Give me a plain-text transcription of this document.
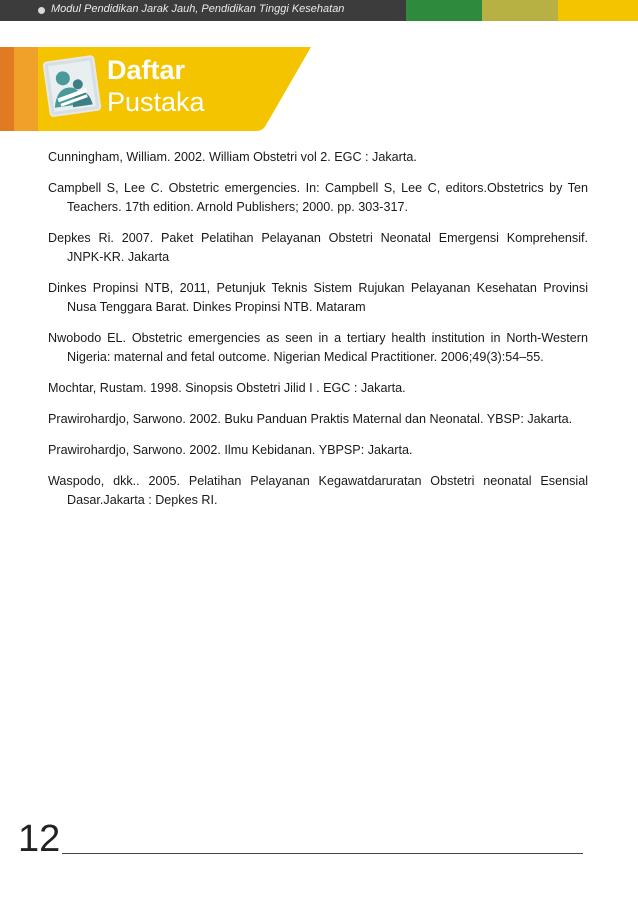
Modul Pendidikan Jarak Jauh, Pendidikan Tinggi Kesehatan
Daftar
Pustaka

Cunningham, William. 2002. William Obstetri vol 2. EGC : Jakarta.

Campbell S, Lee C. Obstetric emergencies. In: Campbell S, Lee C, editors.Obstetrics by Ten Teachers. 17th edition. Arnold Publishers; 2000. pp. 303-317.

Depkes Ri. 2007. Paket Pelatihan Pelayanan Obstetri Neonatal Emergensi Komprehensif. JNPK-KR. Jakarta

Dinkes Propinsi NTB, 2011, Petunjuk Teknis Sistem Rujukan Pelayanan Kesehatan Provinsi Nusa Tenggara Barat. Dinkes Propinsi NTB. Mataram

Nwobodo EL. Obstetric emergencies as seen in a tertiary health institution in North-Western Nigeria: maternal and fetal outcome. Nigerian Medical Practitioner. 2006;49(3):54–55.

Mochtar, Rustam. 1998. Sinopsis Obstetri Jilid I . EGC : Jakarta.

Prawirohardjo, Sarwono. 2002. Buku Panduan Praktis Maternal dan Neonatal. YBSP: Jakarta.

Prawirohardjo, Sarwono. 2002. Ilmu Kebidanan. YBPSP: Jakarta.

Waspodo, dkk.. 2005. Pelatihan Pelayanan Kegawatdaruratan Obstetri neonatal Esensial Dasar.Jakarta : Depkes RI.

12
